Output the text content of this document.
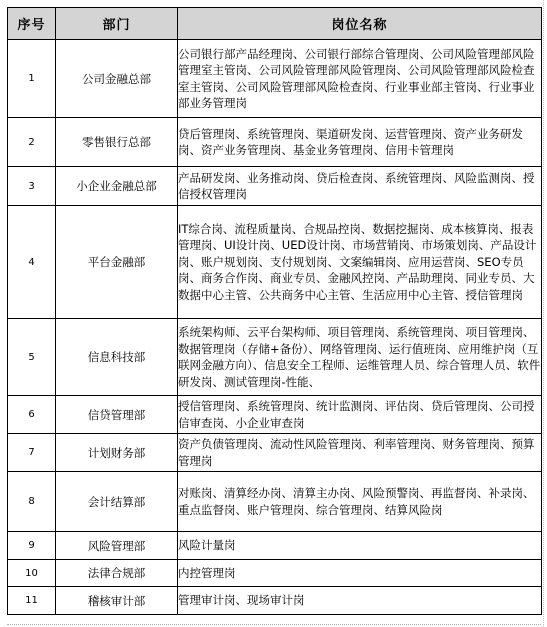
序号	部门	岗位名称
1	公司金融总部	公司银行部产品经理岗、公司银行部综合管理岗、公司风险管理部风险管理室主管岗、公司风险管理部风险管理岗、公司风险管理部风险检查室主管岗、公司风险管理部风险检查岗、行业事业部主管岗、行业事业部业务管理岗
2	零售银行总部	贷后管理岗、系统管理岗、渠道研发岗、运营管理岗、资产业务研发岗、资产业务管理岗、基金业务管理岗、信用卡管理岗
3	小企业金融总部	产品研发岗、业务推动岗、贷后检查岗、系统管理岗、风险监测岗、授信授权管理岗
4	平台金融部	IT综合岗、流程质量岗、合规品控岗、数据挖掘岗、成本核算岗、报表管理岗、UI设计岗、UED设计岗、市场营销岗、市场策划岗、产品设计岗、账户规划岗、支付规划岗、文案编辑岗、应用运营岗、SEO专员岗、商务合作岗、商业专员、金融风控岗、产品助理岗、同业专员、大数据中心主管、公共商务中心主管、生活应用中心主管、授信管理岗
5	信息科技部	系统架构师、云平台架构师、项目管理岗、系统管理岗、项目管理岗、数据管理岗（存储+备份）、网络管理岗、运行值班岗、应用维护岗（互联网金融方向）、信息安全工程师、运维管理人员、综合管理人员、软件研发岗、测试管理岗-性能、
6	信贷管理部	授信管理岗、系统管理岗、统计监测岗、评估岗、贷后管理岗、公司授信审查岗、小企业审查岗
7	计划财务部	资产负债管理岗、流动性风险管理岗、利率管理岗、财务管理岗、预算管理岗
8	会计结算部	对账岗、清算经办岗、清算主办岗、风险预警岗、再监督岗、补录岗、重点监督岗、账户管理岗、综合管理岗、结算风险岗
9	风险管理部	风险计量岗
10	法律合规部	内控管理岗
11	稽核审计部	管理审计岗、现场审计岗
